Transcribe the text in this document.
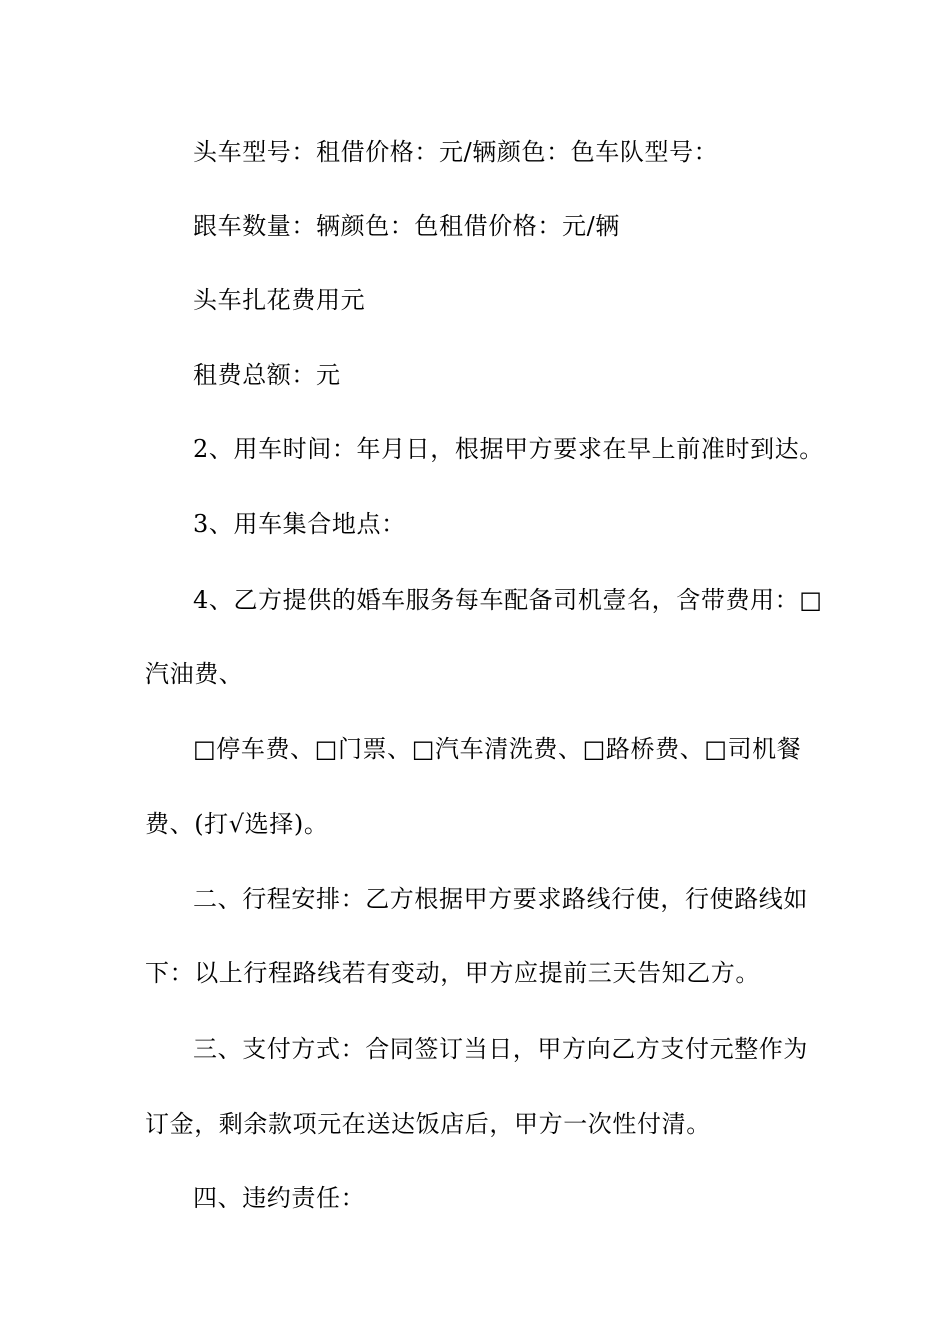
头车型号：租借价格：元/辆颜色：色车队型号：
跟车数量：辆颜色：色租借价格：元/辆
头车扎花费用元
租费总额：元
2、用车时间：年月日，根据甲方要求在早上前准时到达。
3、用车集合地点：
4、乙方提供的婚车服务每车配备司机壹名，含带费用：□
汽油费、
□停车费、□门票、□汽车清洗费、□路桥费、□司机餐
费、(打√选择)。
二、行程安排：乙方根据甲方要求路线行使，行使路线如
下：以上行程路线若有变动，甲方应提前三天告知乙方。
三、支付方式：合同签订当日，甲方向乙方支付元整作为
订金，剩余款项元在送达饭店后，甲方一次性付清。
四、违约责任：
